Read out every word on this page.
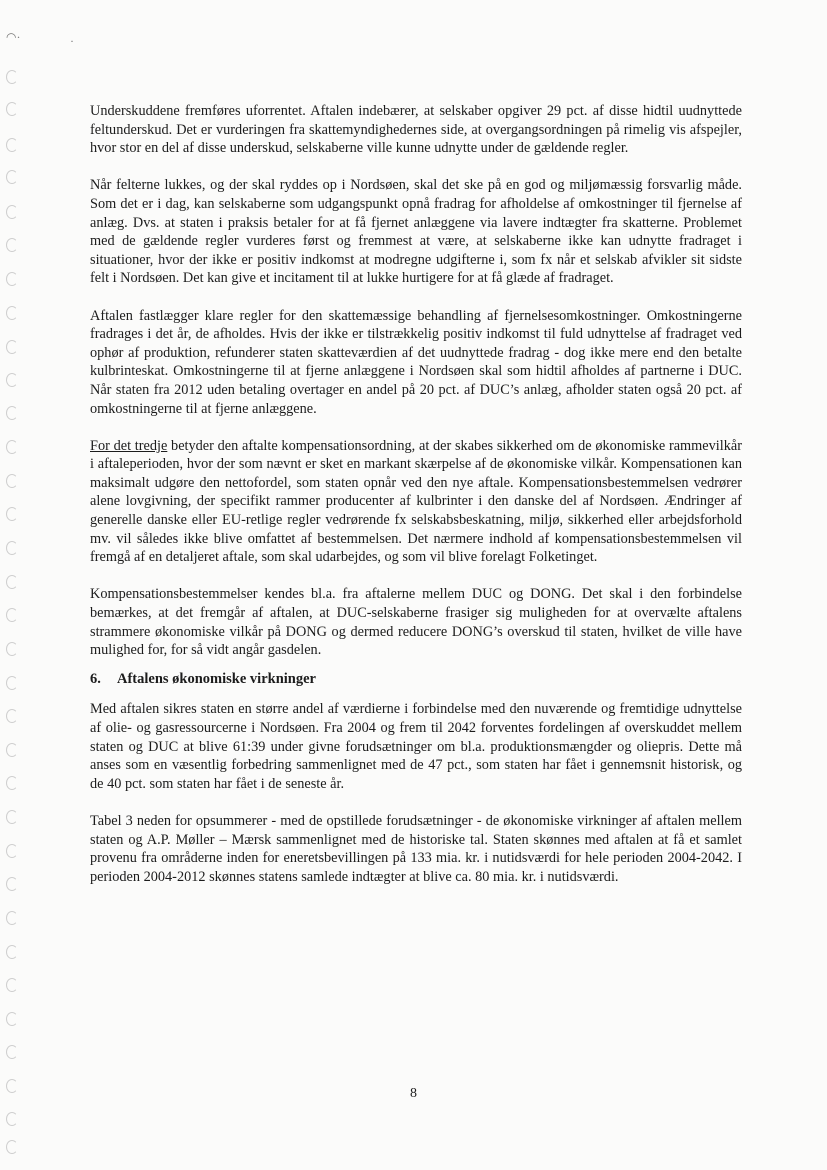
◠·	·

Underskuddene fremføres uforrentet. Aftalen indebærer, at selskaber opgiver 29 pct. af disse hidtil uudnyttede feltunderskud. Det er vurderingen fra skattemyndighedernes side, at overgangsordningen på rimelig vis afspejler, hvor stor en del af disse underskud, selskaberne ville kunne udnytte under de gældende regler.

Når felterne lukkes, og der skal ryddes op i Nordsøen, skal det ske på en god og miljømæssig forsvarlig måde. Som det er i dag, kan selskaberne som udgangspunkt opnå fradrag for afholdelse af omkostninger til fjernelse af anlæg. Dvs. at staten i praksis betaler for at få fjernet anlæggene via lavere indtægter fra skatterne. Problemet med de gældende regler vurderes først og fremmest at være, at selskaberne ikke kan udnytte fradraget i situationer, hvor der ikke er positiv indkomst at modregne udgifterne i, som fx når et selskab afvikler sit sidste felt i Nordsøen. Det kan give et incitament til at lukke hurtigere for at få glæde af fradraget.

Aftalen fastlægger klare regler for den skattemæssige behandling af fjernelsesomkostninger. Omkostningerne fradrages i det år, de afholdes. Hvis der ikke er tilstrækkelig positiv indkomst til fuld udnyttelse af fradraget ved ophør af produktion, refunderer staten skatteværdien af det uudnyttede fradrag - dog ikke mere end den betalte kulbrinteskat. Omkostningerne til at fjerne anlæggene i Nordsøen skal som hidtil afholdes af partnerne i DUC. Når staten fra 2012 uden betaling overtager en andel på 20 pct. af DUC’s anlæg, afholder staten også 20 pct. af omkostningerne til at fjerne anlæggene.

For det tredje betyder den aftalte kompensationsordning, at der skabes sikkerhed om de økonomiske rammevilkår i aftaleperioden, hvor der som nævnt er sket en markant skærpelse af de økonomiske vilkår. Kompensationen kan maksimalt udgøre den nettofordel, som staten opnår ved den nye aftale. Kompensationsbestemmelsen vedrører alene lovgivning, der specifikt rammer producenter af kulbrinter i den danske del af Nordsøen. Ændringer af generelle danske eller EU-retlige regler vedrørende fx selskabsbeskatning, miljø, sikkerhed eller arbejdsforhold mv. vil således ikke blive omfattet af bestemmelsen. Det nærmere indhold af kompensationsbestemmelsen vil fremgå af en detaljeret aftale, som skal udarbejdes, og som vil blive forelagt Folketinget.

Kompensationsbestemmelser kendes bl.a. fra aftalerne mellem DUC og DONG. Det skal i den forbindelse bemærkes, at det fremgår af aftalen, at DUC-selskaberne frasiger sig muligheden for at overvælte aftalens strammere økonomiske vilkår på DONG og dermed reducere DONG’s overskud til staten, hvilket de ville have mulighed for, for så vidt angår gasdelen.

6. Aftalens økonomiske virkninger

Med aftalen sikres staten en større andel af værdierne i forbindelse med den nuværende og fremtidige udnyttelse af olie- og gasressourcerne i Nordsøen. Fra 2004 og frem til 2042 forventes fordelingen af overskuddet mellem staten og DUC at blive 61:39 under givne forudsætninger om bl.a. produktionsmængder og oliepris. Dette må anses som en væsentlig forbedring sammenlignet med de 47 pct., som staten har fået i gennemsnit historisk, og de 40 pct. som staten har fået i de seneste år.

Tabel 3 neden for opsummerer - med de opstillede forudsætninger - de økonomiske virkninger af aftalen mellem staten og A.P. Møller – Mærsk sammenlignet med de historiske tal. Staten skønnes med aftalen at få et samlet provenu fra områderne inden for eneretsbevillingen på 133 mia. kr. i nutidsværdi for hele perioden 2004-2042. I perioden 2004-2012 skønnes statens samlede indtægter at blive ca. 80 mia. kr. i nutidsværdi.

8
